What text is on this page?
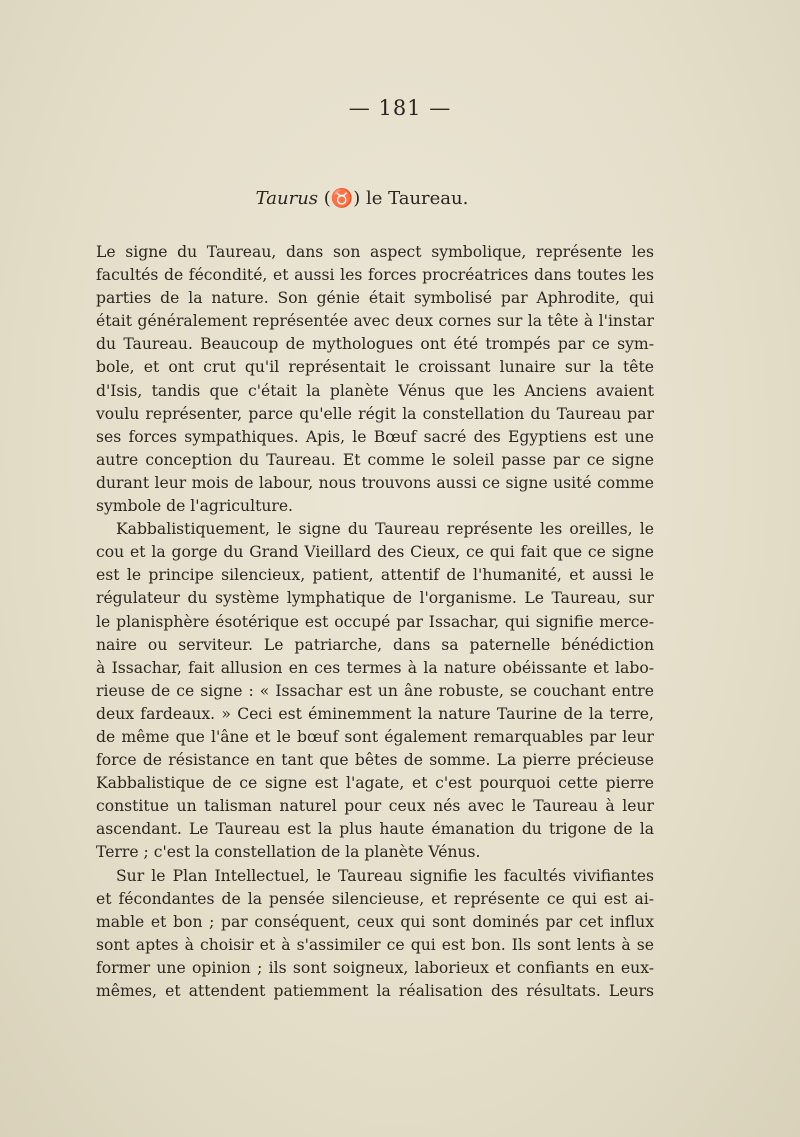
— 181 —

Taurus (♉) le Taureau.
Le signe du Taureau, dans son aspect symbolique, représente les
facultés de fécondité, et aussi les forces procréatrices dans toutes les
parties de la nature. Son génie était symbolisé par Aphrodite, qui
était généralement représentée avec deux cornes sur la tête à l'instar
du Taureau. Beaucoup de mythologues ont été trompés par ce sym-
bole, et ont crut qu'il représentait le croissant lunaire sur la tête
d'Isis, tandis que c'était la planète Vénus que les Anciens avaient
voulu représenter, parce qu'elle régit la constellation du Taureau par
ses forces sympathiques. Apis, le Bœuf sacré des Egyptiens est une
autre conception du Taureau. Et comme le soleil passe par ce signe
durant leur mois de labour, nous trouvons aussi ce signe usité comme
symbole de l'agriculture.
Kabbalistiquement, le signe du Taureau représente les oreilles, le
cou et la gorge du Grand Vieillard des Cieux, ce qui fait que ce signe
est le principe silencieux, patient, attentif de l'humanité, et aussi le
régulateur du système lymphatique de l'organisme. Le Taureau, sur
le planisphère ésotérique est occupé par Issachar, qui signifie merce-
naire ou serviteur. Le patriarche, dans sa paternelle bénédiction
à Issachar, fait allusion en ces termes à la nature obéissante et labo-
rieuse de ce signe : « Issachar est un âne robuste, se couchant entre
deux fardeaux. » Ceci est éminemment la nature Taurine de la terre,
de même que l'âne et le bœuf sont également remarquables par leur
force de résistance en tant que bêtes de somme. La pierre précieuse
Kabbalistique de ce signe est l'agate, et c'est pourquoi cette pierre
constitue un talisman naturel pour ceux nés avec le Taureau à leur
ascendant. Le Taureau est la plus haute émanation du trigone de la
Terre ; c'est la constellation de la planète Vénus.
Sur le Plan Intellectuel, le Taureau signifie les facultés vivifiantes
et fécondantes de la pensée silencieuse, et représente ce qui est ai-
mable et bon ; par conséquent, ceux qui sont dominés par cet influx
sont aptes à choisir et à s'assimiler ce qui est bon. Ils sont lents à se
former une opinion ; ils sont soigneux, laborieux et confiants en eux-
mêmes, et attendent patiemment la réalisation des résultats. Leurs
